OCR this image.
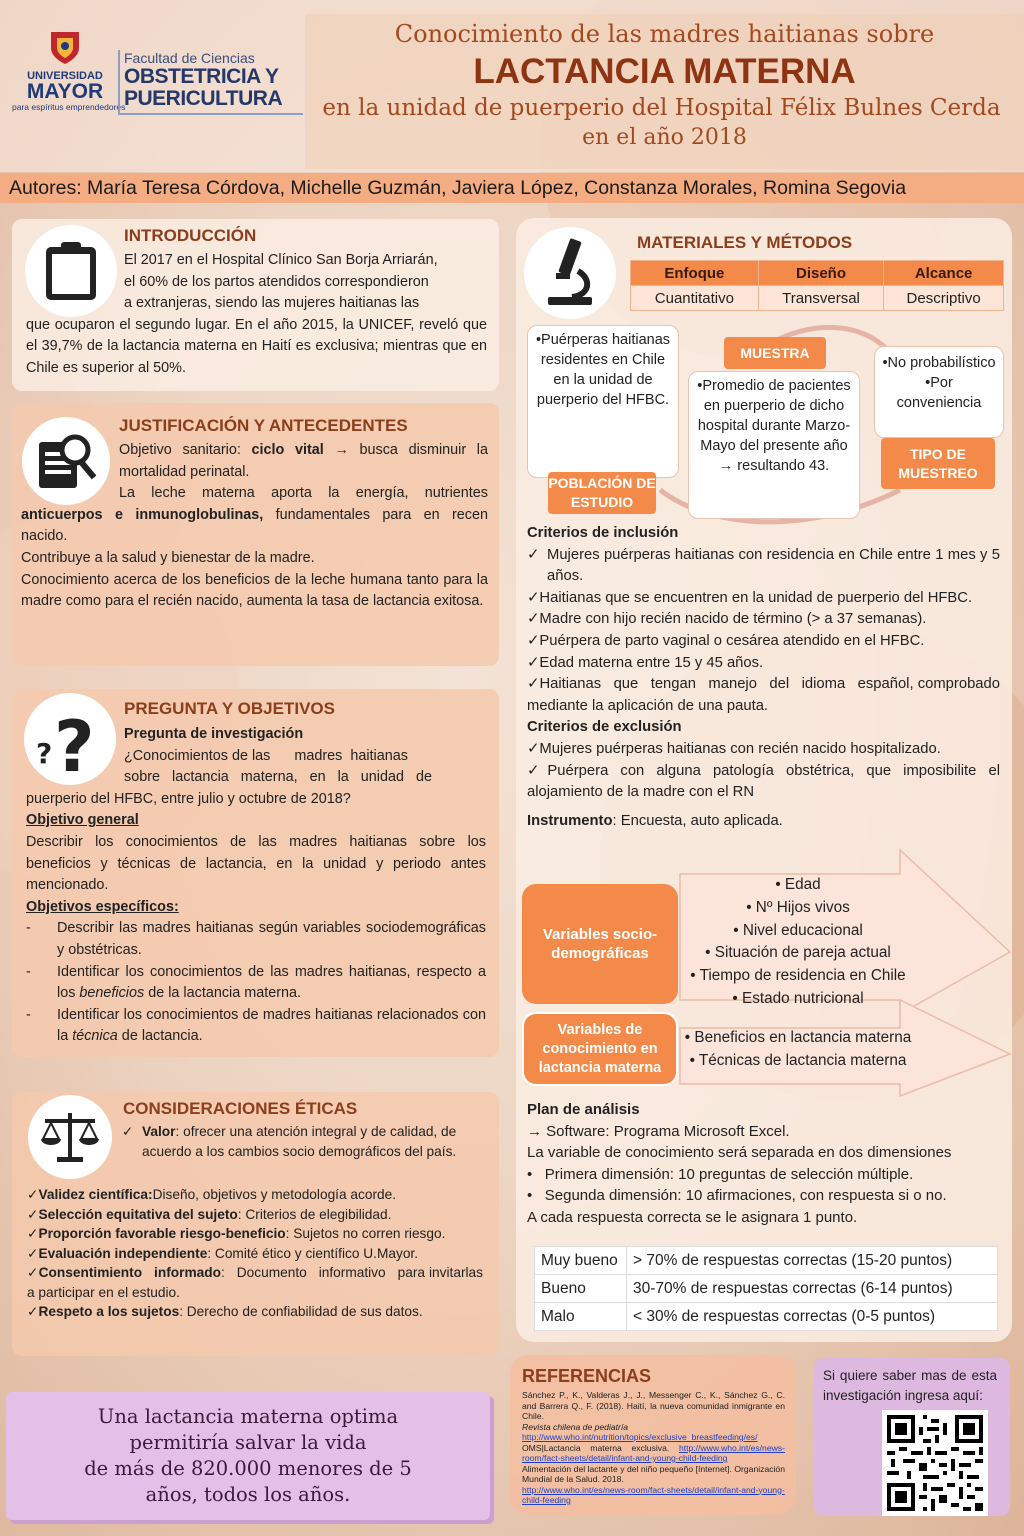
UNIVERSIDAD
MAYOR
para espíritus emprendedores
Facultad de Ciencias
OBSTETRICIA Y
PUERICULTURA
Conocimiento de las madres haitianas sobre
LACTANCIA MATERNA
en la unidad de puerperio del Hospital Félix Bulnes Cerda
en el año 2018
Autores: María Teresa Córdova, Michelle Guzmán, Javiera López, Constanza Morales, Romina Segovia
INTRODUCCIÓN
El 2017 en el Hospital Clínico San Borja Arriarán,
el 60% de los partos atendidos correspondieron
a extranjeras, siendo las mujeres haitianas las
que ocuparon el segundo lugar. En el año 2015, la UNICEF, reveló que el 39,7% de la lactancia materna en Haití es exclusiva; mientras que en Chile es superior al 50%.
JUSTIFICACIÓN Y ANTECEDENTES
Objetivo sanitario: ciclo vital → busca disminuir la mortalidad perinatal.
La leche materna aporta la energía, nutrientes anticuerpos e inmunoglobulinas, fundamentales para en recen nacido.
Contribuye a la salud y bienestar de la madre.
Conocimiento acerca de los beneficios de la leche humana tanto para la madre como para el recién nacido, aumenta la tasa de lactancia exitosa.
? ? PREGUNTA Y OBJETIVOS
Pregunta de investigación
¿Conocimientos de las      madres  haitianas
sobre   lactancia   materna,   en   la   unidad   de
puerperio del HFBC, entre julio y octubre de 2018?
Objetivo general
Describir los conocimientos de las madres haitianas sobre los beneficios y técnicas de lactancia, en la unidad y periodo antes mencionado.
Objetivos específicos:
-	Describir las madres haitianas según variables sociodemográficas y obstétricas.
-	Identificar los conocimientos de las madres haitianas, respecto a los beneficios de la lactancia materna.
-	Identificar los conocimientos de madres haitianas relacionados con la técnica de lactancia.
CONSIDERACIONES ÉTICAS
✓ Valor: ofrecer una atención integral y de calidad, de acuerdo a los cambios socio demográficos del país.
✓Validez científica:Diseño, objetivos y metodología acorde.
✓Selección equitativa del sujeto: Criterios de elegibilidad.
✓Proporción favorable riesgo-beneficio: Sujetos no corren riesgo.
✓Evaluación independiente: Comité ético y científico U.Mayor.
✓Consentimiento   informado:   Documento   informativo   para invitarlas a participar en el estudio.
✓Respeto a los sujetos: Derecho de confiabilidad de sus datos.
Una lactancia materna optima
permitiría salvar la vida
de más de 820.000 menores de 5
años, todos los años.
MATERIALES Y MÉTODOS
Enfoque	Diseño	Alcance
Cuantitativo	Transversal	Descriptivo
•Puérperas haitianas residentes en Chile en la unidad de puerperio del HFBC.
POBLACIÓN DE ESTUDIO
MUESTRA
•Promedio de pacientes en puerperio de dicho hospital durante Marzo-Mayo del presente año → resultando 43.
•No probabilístico
•Por conveniencia
TIPO DE MUESTREO
Criterios de inclusión
✓ Mujeres puérperas haitianas con residencia en Chile entre 1 mes y 5 años.
✓Haitianas que se encuentren en la unidad de puerperio del HFBC.
✓Madre con hijo recién nacido de término (> a 37 semanas).
✓Puérpera de parto vaginal o cesárea atendido en el HFBC.
✓Edad materna entre 15 y 45 años.
✓Haitianas   que   tengan   manejo   del   idioma   español, comprobado mediante la aplicación de una pauta.
Criterios de exclusión
✓Mujeres puérperas haitianas con recién nacido hospitalizado.
✓Puérpera con alguna patología obstétrica, que imposibilite el alojamiento de la madre con el RN
Instrumento: Encuesta, auto aplicada.
Variables socio-demográficas
• Edad
• Nº Hijos vivos
• Nivel educacional
• Situación de pareja actual
• Tiempo de residencia en Chile
• Estado nutricional
Variables de conocimiento en lactancia materna
• Beneficios en lactancia materna
• Técnicas de lactancia materna
Plan de análisis
→ Software: Programa Microsoft Excel.
La variable de conocimiento será separada en dos dimensiones
•   Primera dimensión: 10 preguntas de selección múltiple.
•   Segunda dimensión: 10 afirmaciones, con respuesta si o no.
A cada respuesta correcta se le asignara 1 punto.
Muy bueno	> 70% de respuestas correctas (15-20 puntos)
Bueno	30-70% de respuestas correctas (6-14 puntos)
Malo	< 30% de respuestas correctas (0-5 puntos)
REFERENCIAS
Sánchez P., K., Valderas J., J., Messenger C., K., Sánchez G., C. and Barrera Q., F. (2018). Haití, la nueva comunidad inmigrante en Chile.
Revista chilena de pediatría
http://www.who.int/nutrition/topics/exclusive_breastfeeding/es/
OMS|Lactancia materna exclusiva. http://www.who.int/es/news-room/fact-sheets/detail/infant-and-young-child-feeding
Alimentación del lactante y del niño pequeño [Internet]. Organización Mundial de la Salud. 2018.
http://www.who.int/es/news-room/fact-sheets/detail/infant-and-young-child-feeding
Si quiere saber mas de esta investigación ingresa aquí:
